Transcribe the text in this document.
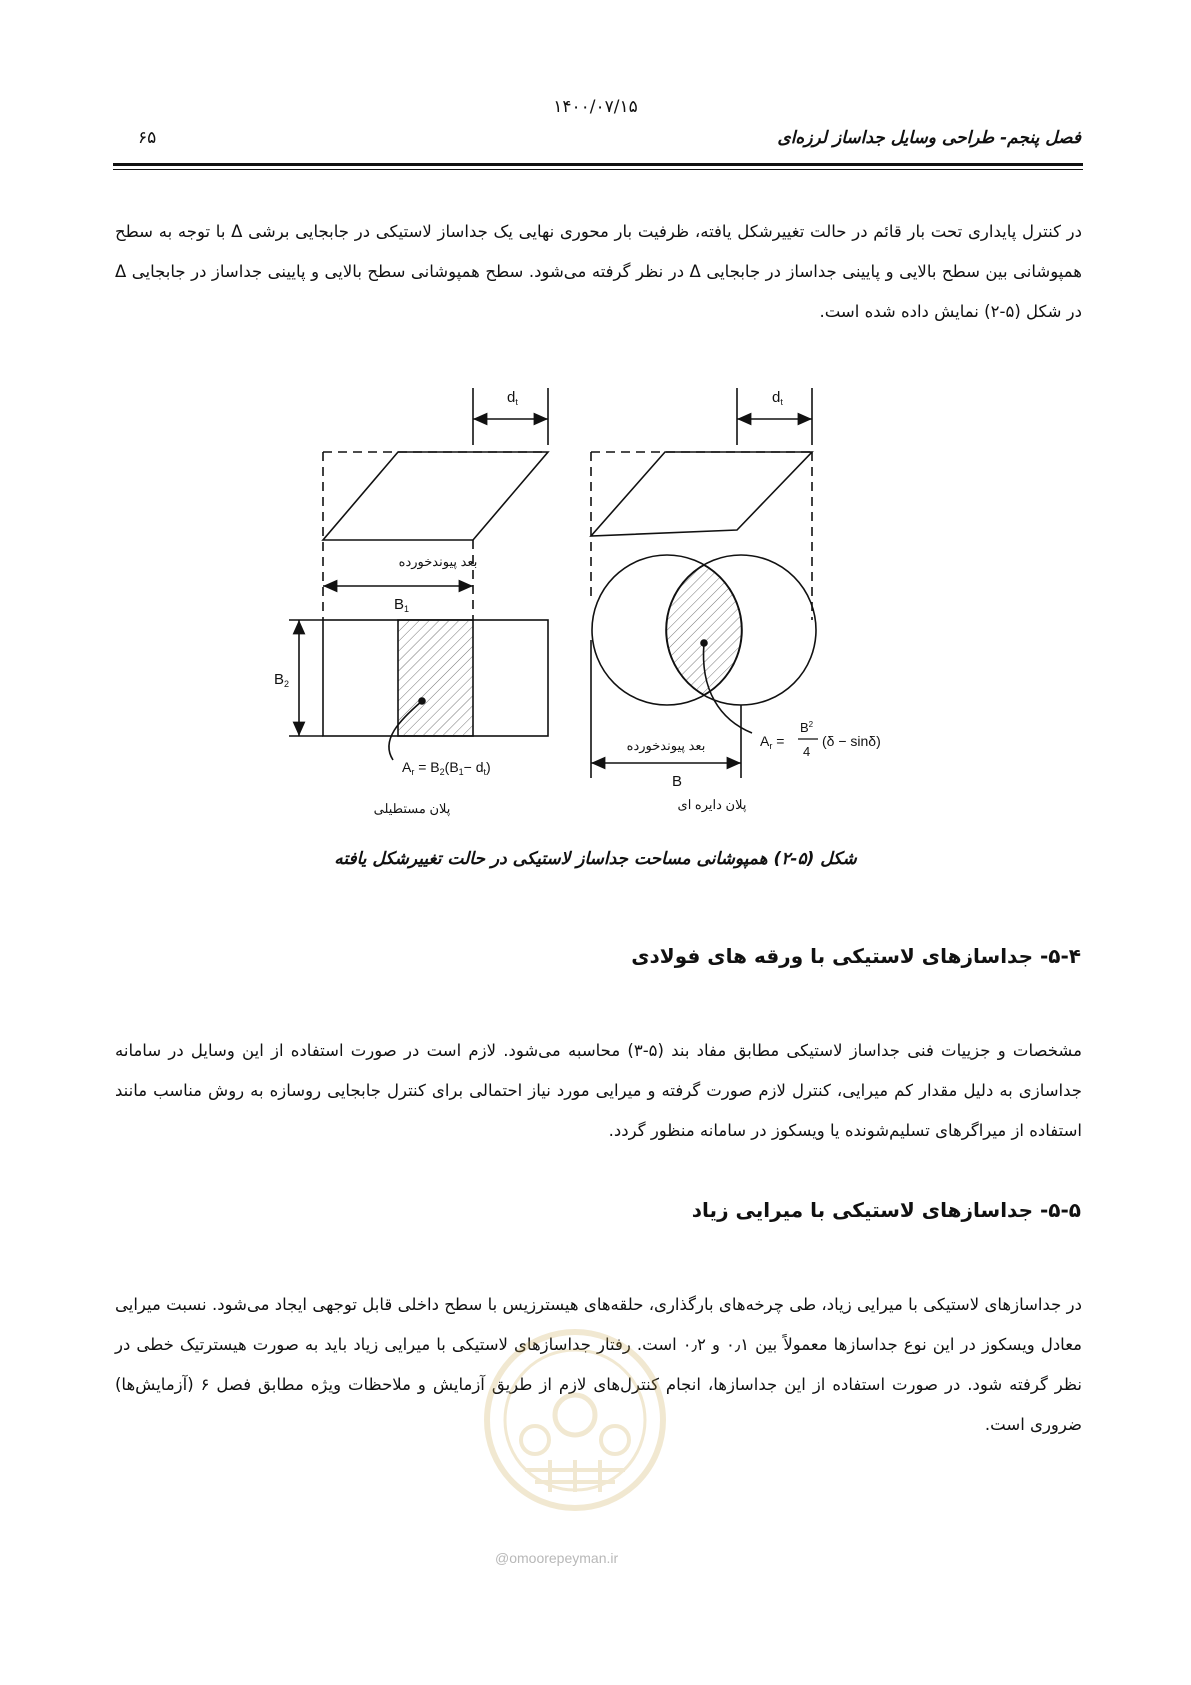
۱۴۰۰/۰۷/۱۵
فصل پنجم- طراحی وسایل جداساز لرزه‌ای
۶۵
در کنترل پایداری تحت بار قائم در حالت تغییرشکل یافته، ظرفیت بار محوری نهایی یک جداساز لاستیکی در جابجایی برشی Δ با توجه به سطح همپوشانی بین سطح بالایی و پایینی جداساز در جابجایی Δ در نظر گرفته می‌شود. سطح همپوشانی سطح بالایی و پایینی جداساز در جابجایی Δ در شکل (۵-۲) نمایش داده شده است.
$d_t$
بعد پیوندخورده
$B_1$
$B_2$
$A_r = B_2(B_1- d_t)$
پلان مستطیلی
$d_t$
بعد پیوندخورده
B
$A_r$ =
$B^2$
4
(δ − sinδ)
پلان دایره ای
شکل (۵-۲) همپوشانی مساحت جداساز لاستیکی در حالت تغییرشکل یافته
۵-۴- جداسازهای لاستیکی با ورقه های فولادی
مشخصات و جزییات فنی جداساز لاستیکی مطابق مفاد بند (۵-۳) محاسبه می‌شود. لازم است در صورت استفاده از این وسایل در سامانه جداسازی به دلیل مقدار کم میرایی، کنترل لازم صورت گرفته و میرایی مورد نیاز احتمالی برای کنترل جابجایی روسازه به روش مناسب مانند استفاده از میراگرهای تسلیم‌شونده یا ویسکوز در سامانه منظور گردد.
۵-۵- جداسازهای لاستیکی با میرایی زیاد
در جداسازهای لاستیکی با میرایی زیاد، طی چرخه‌های بارگذاری، حلقه‌های هیسترزیس با سطح داخلی قابل توجهی ایجاد می‌شود. نسبت میرایی معادل ویسکوز در این نوع جداسازها معمولاً بین ۰٫۱ و ۰٫۲ است. رفتار جداسازهای لاستیکی با میرایی زیاد باید به صورت هیسترتیک خطی در نظر گرفته شود. در صورت استفاده از این جداسازها، انجام کنترل‌های لازم از طریق آزمایش و ملاحظات ویژه مطابق فصل ۶ (آزمایش‌ها) ضروری است.
@omoorepeyman.ir
